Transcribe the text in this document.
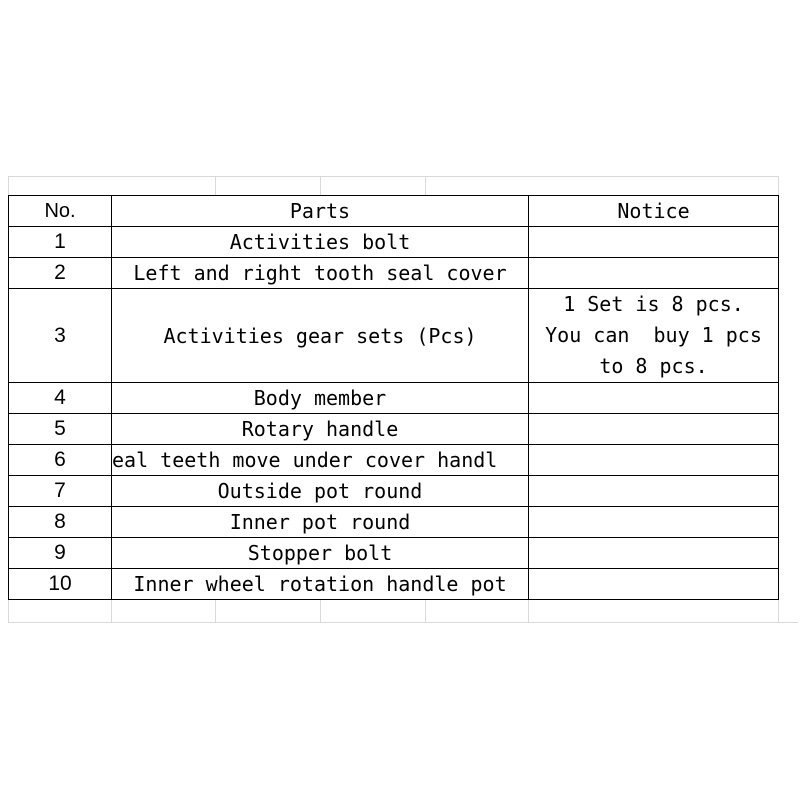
No.	Parts	Notice
1	Activities bolt	
2	Left and right tooth seal cover	
3	Activities gear sets (Pcs)	1 Set is 8 pcs.
You can  buy 1 pcs
to 8 pcs.

4	Body member	
5	Rotary handle	
6	eal teeth move under cover handl	
7	Outside pot round	
8	Inner pot round	
9	Stopper bolt	
10	Inner wheel rotation handle pot	
